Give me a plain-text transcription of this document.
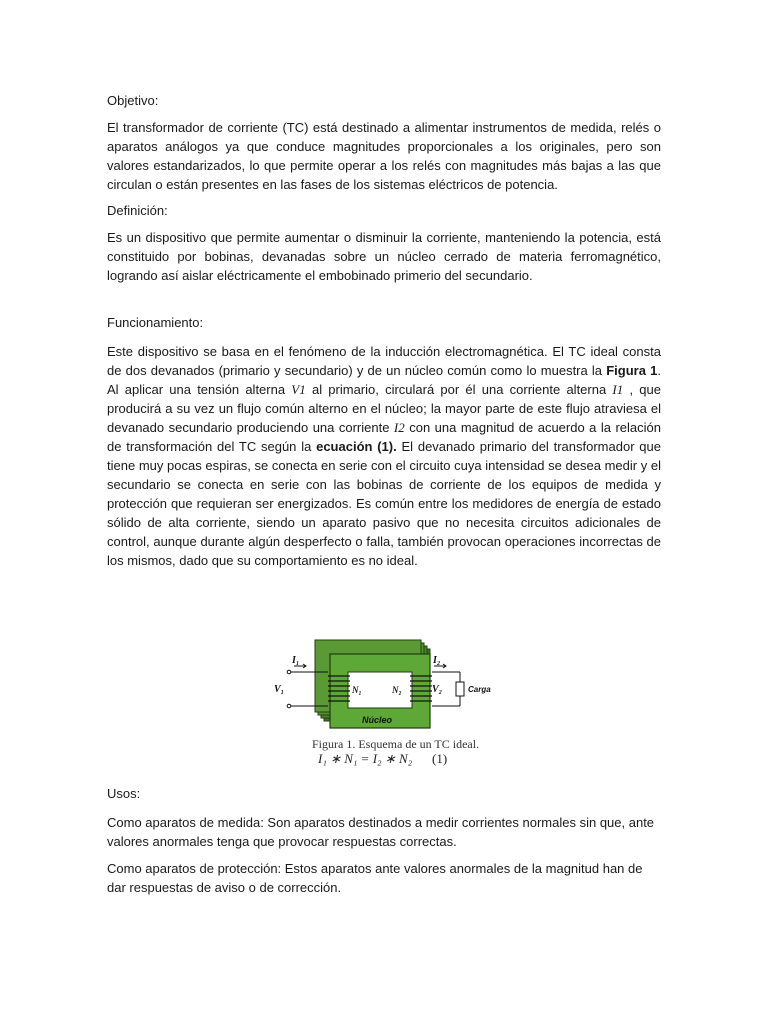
Objetivo:

El transformador de corriente (TC) está destinado a alimentar instrumentos de medida, relés o aparatos análogos ya que conduce magnitudes proporcionales a los originales, pero son valores estandarizados, lo que permite operar a los relés con magnitudes más bajas a las que circulan o están presentes en las fases de los sistemas eléctricos de potencia.

Definición:

Es un dispositivo que permite aumentar o disminuir la corriente, manteniendo la potencia, está constituido por bobinas, devanadas sobre un núcleo cerrado de materia ferromagnético, logrando así aislar eléctricamente el embobinado primerio del secundario.

Funcionamiento:

Este dispositivo se basa en el fenómeno de la inducción electromagnética. El TC ideal consta de dos devanados (primario y secundario) y de un núcleo común como lo muestra la Figura 1. Al aplicar una tensión alterna V1 al primario, circulará por él una corriente alterna I1 , que producirá a su vez un flujo común alterno en el núcleo; la mayor parte de este flujo atraviesa el devanado secundario produciendo una corriente I2 con una magnitud de acuerdo a la relación de transformación del TC según la ecuación (1). El devanado primario del transformador que tiene muy pocas espiras, se conecta en serie con el circuito cuya intensidad se desea medir y el secundario se conecta en serie con las bobinas de corriente de los equipos de medida y protección que requieran ser energizados. Es común entre los medidores de energía de estado sólido de alta corriente, siendo un aparato pasivo que no necesita circuitos adicionales de control, aunque durante algún desperfecto o falla, también provocan operaciones incorrectas de los mismos, dado que su comportamiento es no ideal.

I₁
V₁	N₁	N₂
I₂
V₂	Carga
Núcleo
Figura 1. Esquema de un TC ideal.
I₁ ∗ N₁ = I₂ ∗ N₂ (1)

Usos:

Como aparatos de medida: Son aparatos destinados a medir corrientes normales sin que, ante valores anormales tenga que provocar respuestas correctas.

Como aparatos de protección: Estos aparatos ante valores anormales de la magnitud han de dar respuestas de aviso o de corrección.
